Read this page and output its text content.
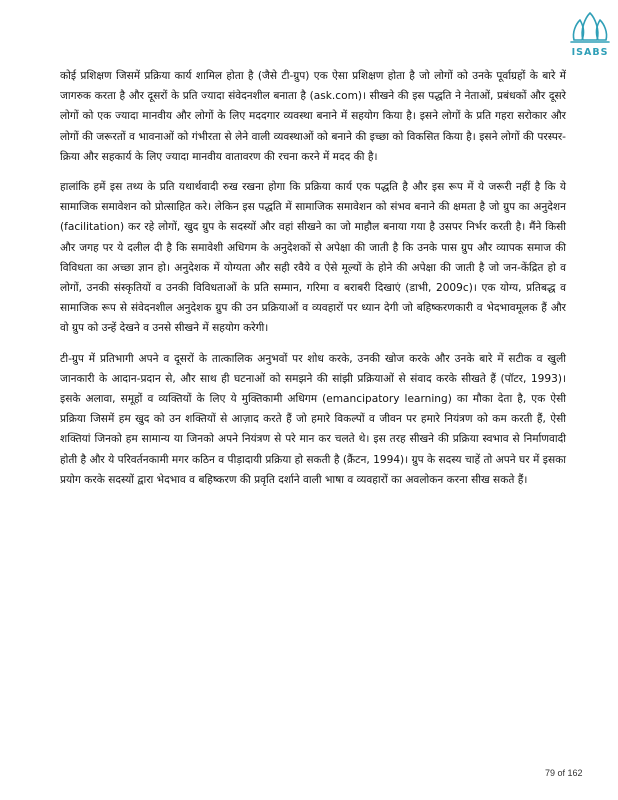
ISABS

कोई प्रशिक्षण जिसमें प्रक्रिया कार्य शामिल होता है (जैसे टी-ग्रुप) एक ऐसा प्रशिक्षण होता है जो लोगों को उनके पूर्वाग्रहों के बारे में जागरुक करता है और दूसरों के प्रति ज्यादा संवेदनशील बनाता है (ask.com)। सीखने की इस पद्धति ने नेताओं, प्रबंधकों और दूसरे लोगों को एक ज्यादा मानवीय और लोगों के लिए मददगार व्यवस्था बनाने में सहयोग किया है। इसने लोगों के प्रति गहरा सरोकार और लोगों की जरूरतों व भावनाओं को गंभीरता से लेने वाली व्यवस्थाओं को बनाने की इच्छा को विकसित किया है। इसने लोगों की परस्पर-क्रिया और सहकार्य के लिए ज्यादा मानवीय वातावरण की रचना करने में मदद की है।

हालांकि हमें इस तथ्य के प्रति यथार्थवादी रुख रखना होगा कि प्रक्रिया कार्य एक पद्धति है और इस रूप में ये जरूरी नहीं है कि ये सामाजिक समावेशन को प्रोत्साहित करे। लेकिन इस पद्धति में सामाजिक समावेशन को संभव बनाने की क्षमता है जो ग्रुप का अनुदेशन (facilitation) कर रहे लोगों, खुद ग्रुप के सदस्यों और वहां सीखने का जो माहौल बनाया गया है उसपर निर्भर करती है। मैंने किसी और जगह पर ये दलील दी है कि समावेशी अधिगम के अनुदेशकों से अपेक्षा की जाती है कि उनके पास ग्रुप और व्यापक समाज की विविधता का अच्छा ज्ञान हो। अनुदेशक में योग्यता और सही रवैये व ऐसे मूल्यों के होने की अपेक्षा की जाती है जो जन-केंद्रित हो व लोगों, उनकी संस्कृतियों व उनकी विविधताओं के प्रति सम्मान, गरिमा व बराबरी दिखाएं (डाभी, 2009c)। एक योग्य, प्रतिबद्ध व सामाजिक रूप से संवेदनशील अनुदेशक ग्रुप की उन प्रक्रियाओं व व्यवहारों पर ध्यान देगी जो बहिष्करणकारी व भेदभावमूलक हैं और वो ग्रुप को उन्हें देखने व उनसे सीखने में सहयोग करेगी।

टी-ग्रुप में प्रतिभागी अपने व दूसरों के तात्कालिक अनुभवों पर शोध करके, उनकी खोज करके और उनके बारे में सटीक व खुली जानकारी के आदान-प्रदान से, और साथ ही घटनाओं को समझने की सांझी प्रक्रियाओं से संवाद करके सीखते हैं (पॉटर, 1993)। इसके अलावा, समूहों व व्यक्तियों के लिए ये मुक्तिकामी अधिगम (emancipatory learning) का मौका देता है, एक ऐसी प्रक्रिया जिसमें हम खुद को उन शक्तियों से आज़ाद करते हैं जो हमारे विकल्पों व जीवन पर हमारे नियंत्रण को कम करती हैं, ऐसी शक्तियां जिनको हम सामान्य या जिनको अपने नियंत्रण से परे मान कर चलते थे। इस तरह सीखने की प्रक्रिया स्वभाव से निर्माणवादी होती है और ये परिवर्तनकामी मगर कठिन व पीड़ादायी प्रक्रिया हो सकती है (क्रैंटन, 1994)। ग्रुप के सदस्य चाहें तो अपने घर में इसका प्रयोग करके सदस्यों द्वारा भेदभाव व बहिष्करण की प्रवृति दर्शाने वाली भाषा व व्यवहारों का अवलोकन करना सीख सकते हैं।

79 of 162
